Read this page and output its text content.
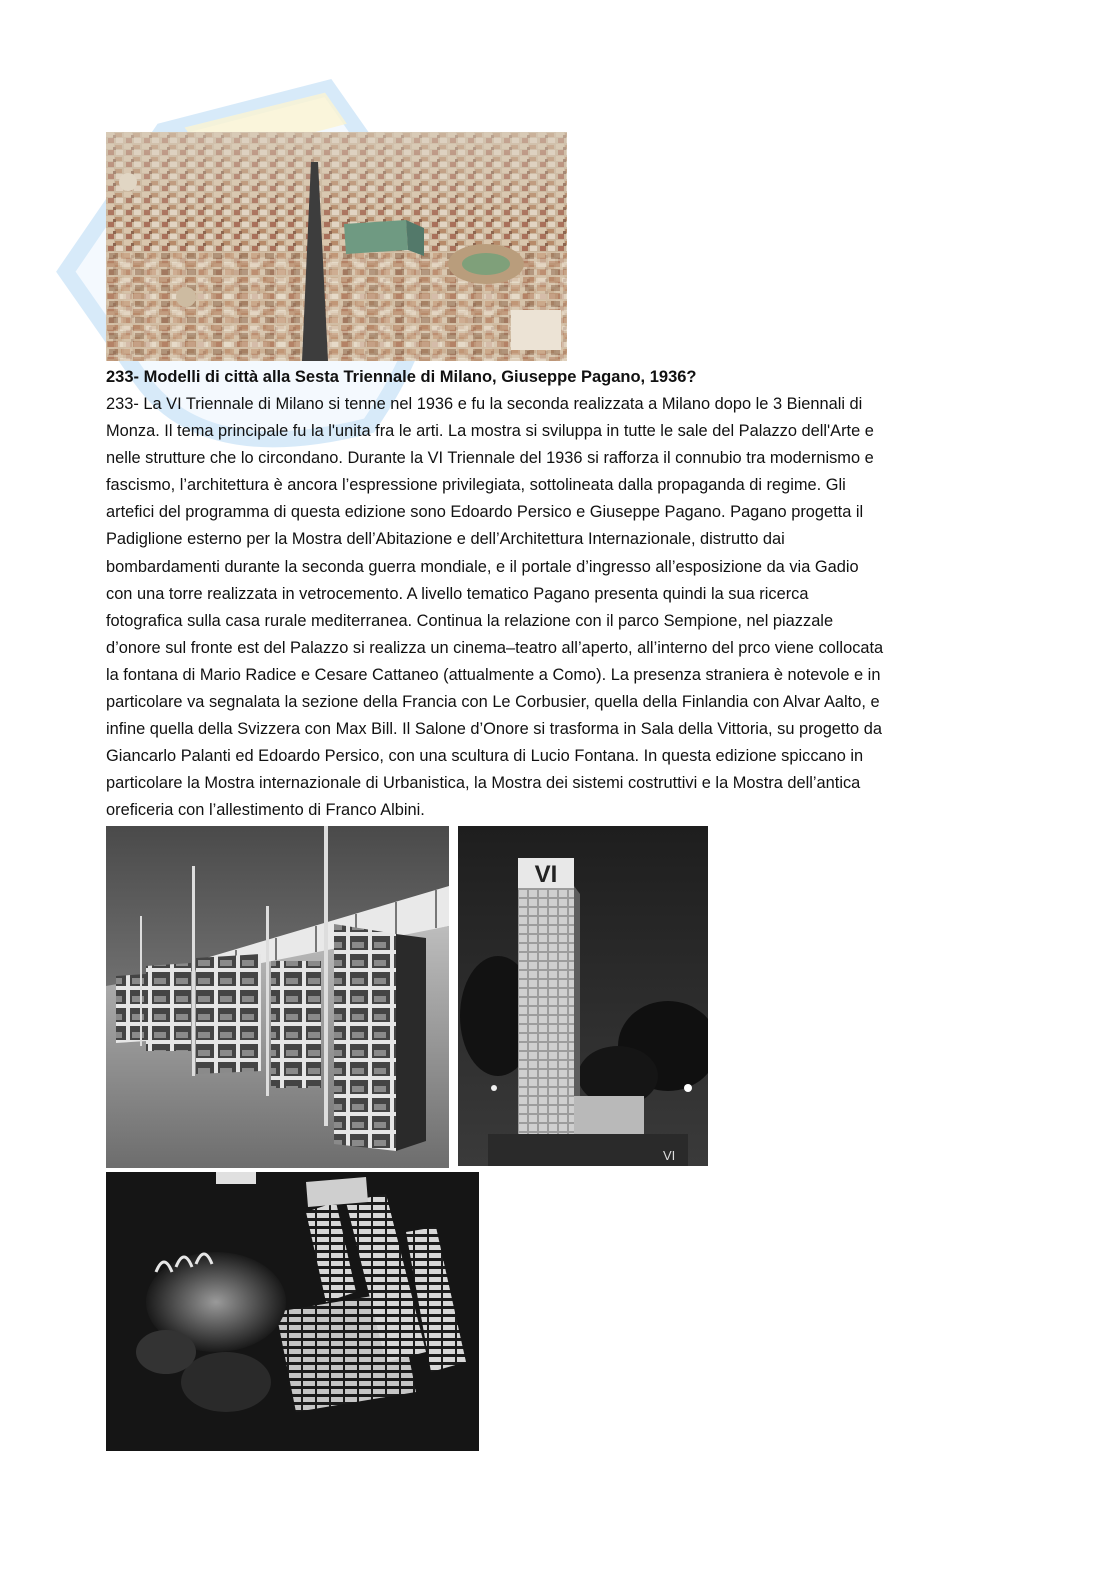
233- Modelli di città alla Sesta Triennale di Milano, Giuseppe Pagano, 1936?
233- La VI Triennale di Milano si tenne nel 1936 e fu la seconda realizzata a Milano dopo le 3 Biennali di
Monza. Il tema principale fu la l'unita fra le arti. La mostra si sviluppa in tutte le sale del Palazzo dell'Arte e
nelle strutture che lo circondano. Durante la VI Triennale del 1936 si rafforza il connubio tra modernismo e
fascismo, l’architettura è ancora l’espressione privilegiata, sottolineata dalla propaganda di regime. Gli
artefici del programma di questa edizione sono Edoardo Persico e Giuseppe Pagano. Pagano progetta il
Padiglione esterno per la Mostra dell’Abitazione e dell’Architettura Internazionale, distrutto dai
bombardamenti durante la seconda guerra mondiale, e il portale d’ingresso all’esposizione da via Gadio
con una torre realizzata in vetrocemento. A livello tematico Pagano presenta quindi la sua ricerca
fotografica sulla casa rurale mediterranea. Continua la relazione con il parco Sempione, nel piazzale
d’onore sul fronte est del Palazzo si realizza un cinema‒teatro all’aperto, all’interno del prco viene collocata
la fontana di Mario Radice e Cesare Cattaneo (attualmente a Como). La presenza straniera è notevole e in
particolare va segnalata la sezione della Francia con Le Corbusier, quella della Finlandia con Alvar Aalto, e
infine quella della Svizzera con Max Bill. Il Salone d’Onore si trasforma in Sala della Vittoria, su progetto da
Giancarlo Palanti ed Edoardo Persico, con una scultura di Lucio Fontana. In questa edizione spiccano in
particolare la Mostra internazionale di Urbanistica, la Mostra dei sistemi costruttivi e la Mostra dell’antica
oreficeria con l’allestimento di Franco Albini.
VI
VI
